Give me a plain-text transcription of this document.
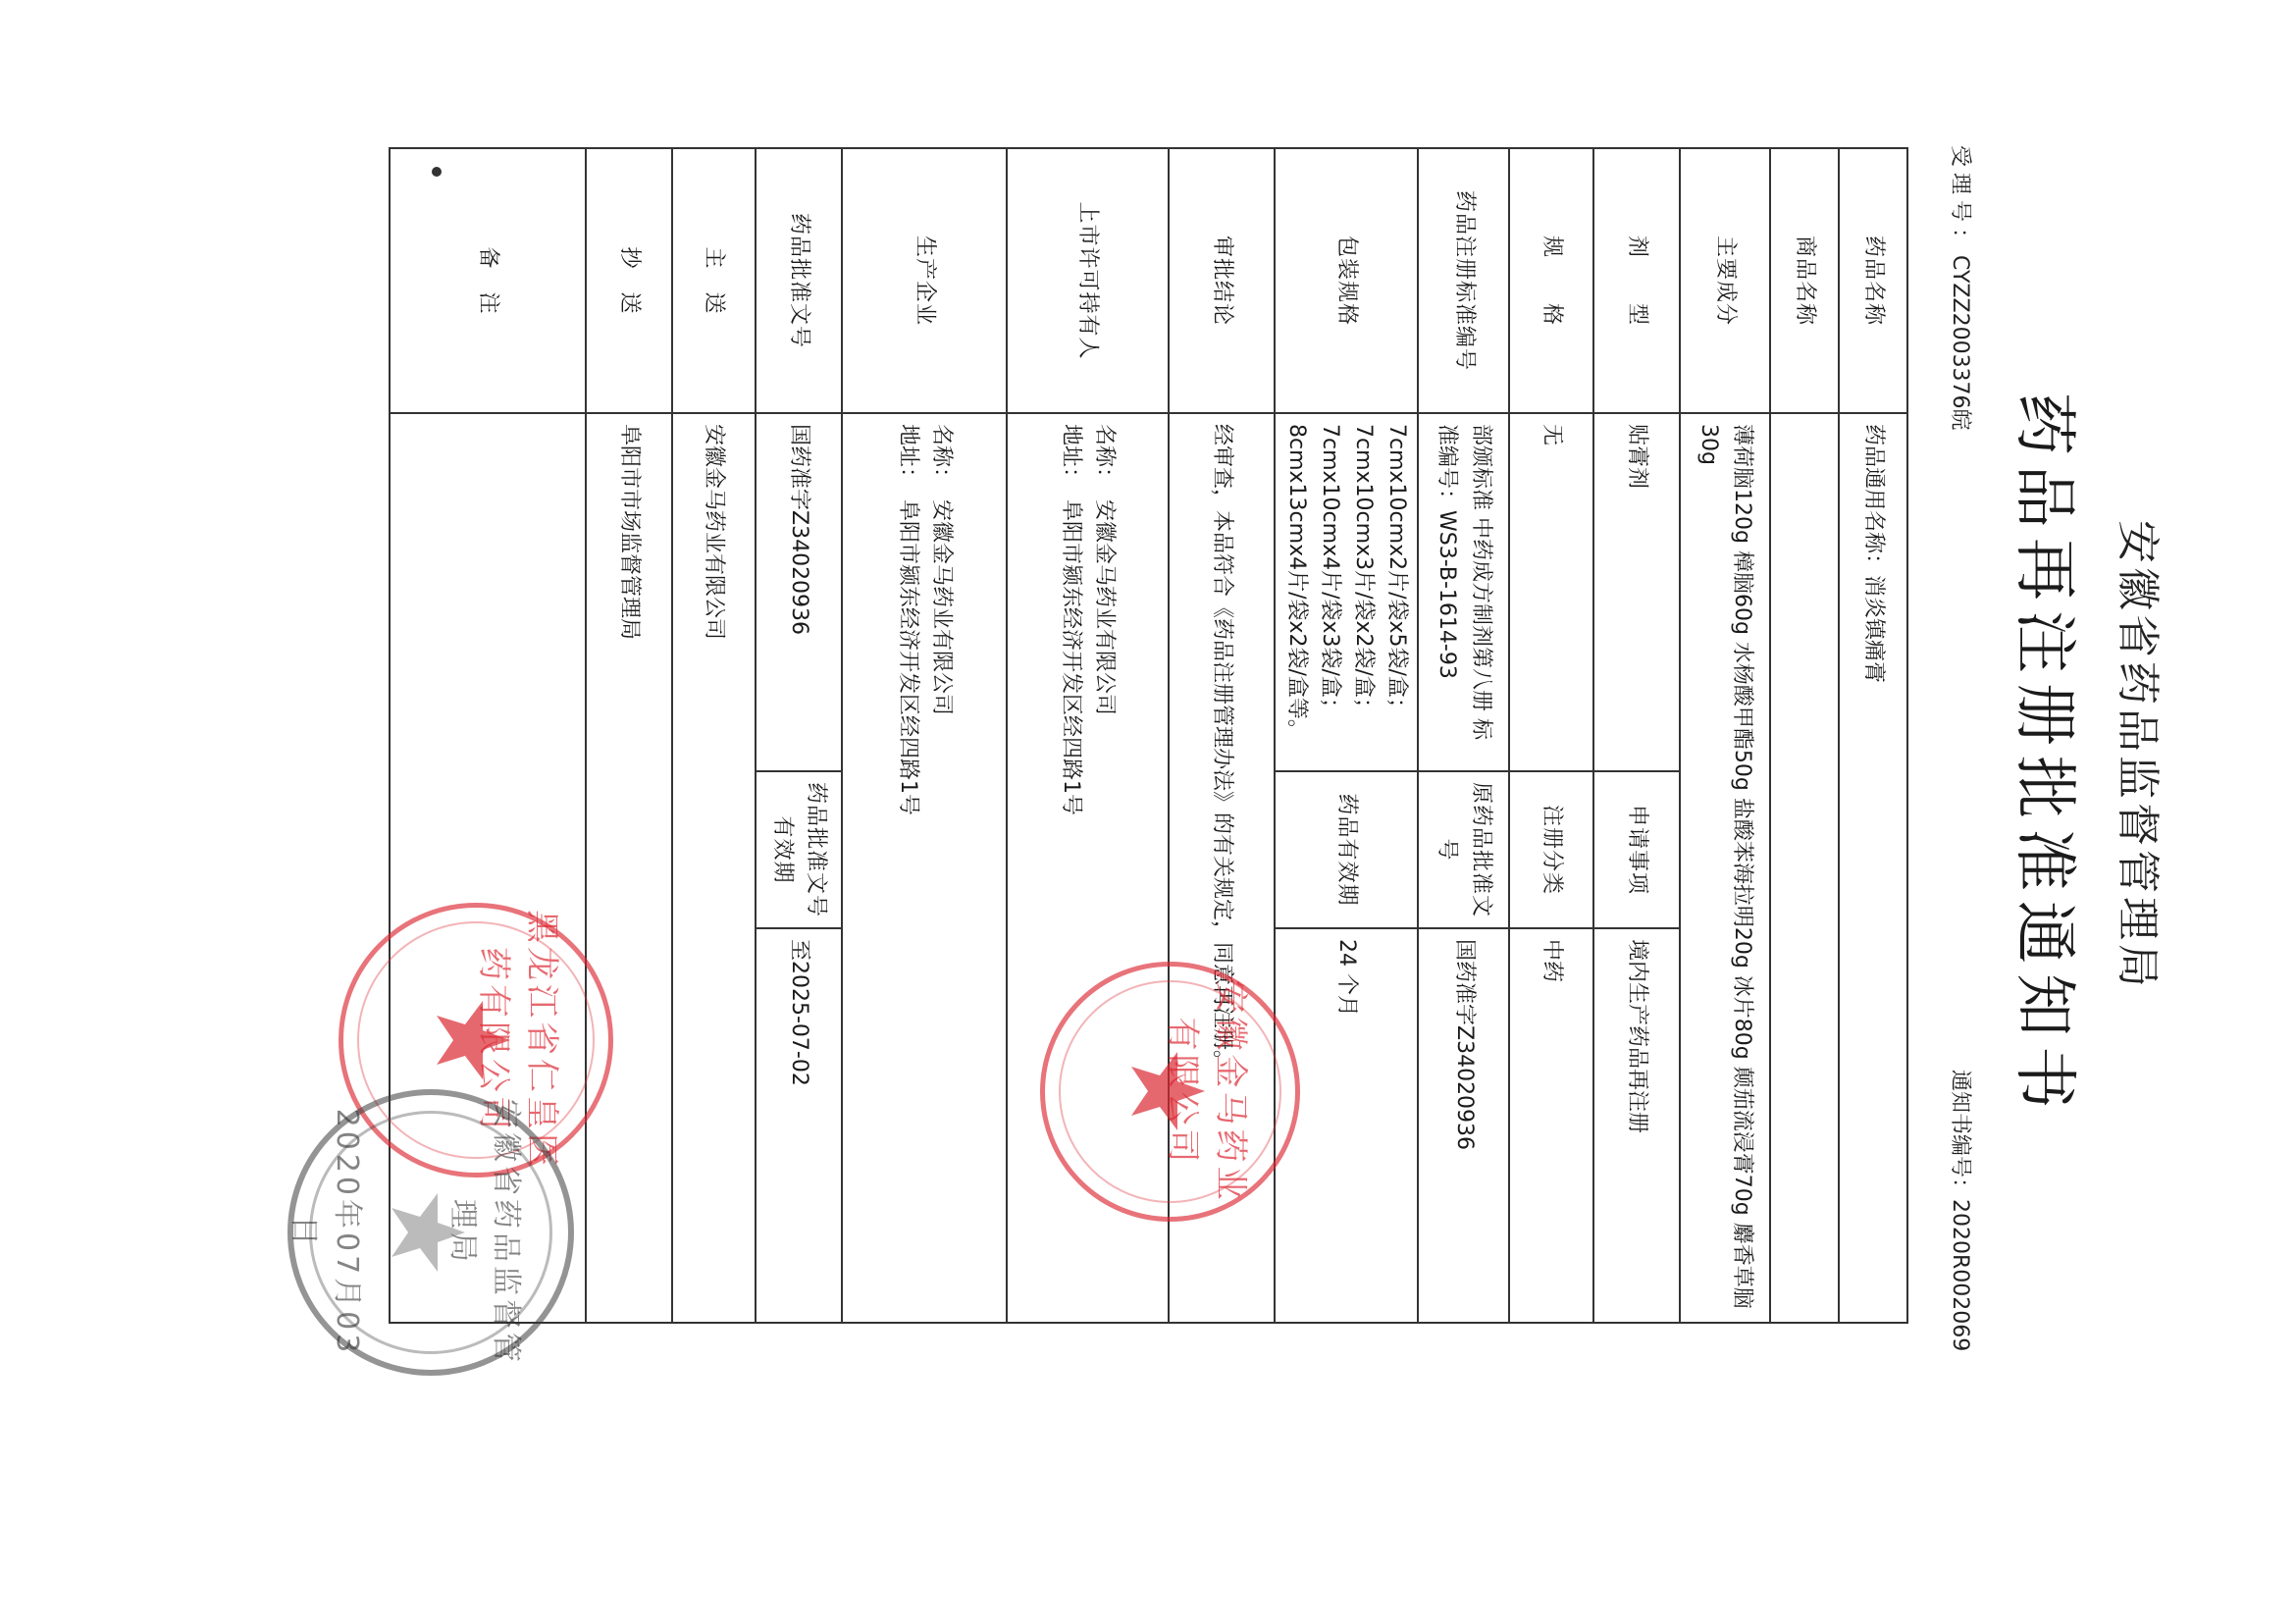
安徽省药品监督管理局
药品再注册批准通知书
受理号：CYZZ2003376皖
通知书编号：2020R002069
药品名称	药品通用名称：消炎镇痛膏		
商品名称			
主要成分	薄荷脑120g 樟脑60g 水杨酸甲酯50g 盐酸苯海拉明20g 冰片80g 颠茄流浸膏70g 麝香草脑30g		
剂　　型	贴膏剂	申请事项	境内生产药品再注册
规　　格	无	注册分类	中药
药品注册标准编号	部颁标准 中药成方制剂第八册 标准编号：WS3-B-1614-93	原药品批准文号	国药准字Z34020936
包装规格	7cmx10cmx2片/袋x5袋/盒；7cmx10cmx3片/袋x2袋/盒；7cmx10cmx4片/袋x3袋/盒；8cmx13cmx4片/袋x2袋/盒等。	药品有效期	24 个月
审批结论	经审查，本品符合《药品注册管理办法》的有关规定，同意再注册。		
上市许可持有人	名称：　安徽金马药业有限公司
地址：　阜阳市颍东经济开发区经四路1号		

生产企业	名称：　安徽金马药业有限公司
地址：　阜阳市颍东经济开发区经四路1号		

药品批准文号	国药准字Z34020936	药品批准文号有效期	至2025-07-02
主　送	安徽金马药业有限公司		
抄　送	阜阳市市场监督管理局		
备　注			
安徽金马药业有限公司
黑龙江省仁皇医药有限公司
安徽省药品监督管理局
2020年07月03日
